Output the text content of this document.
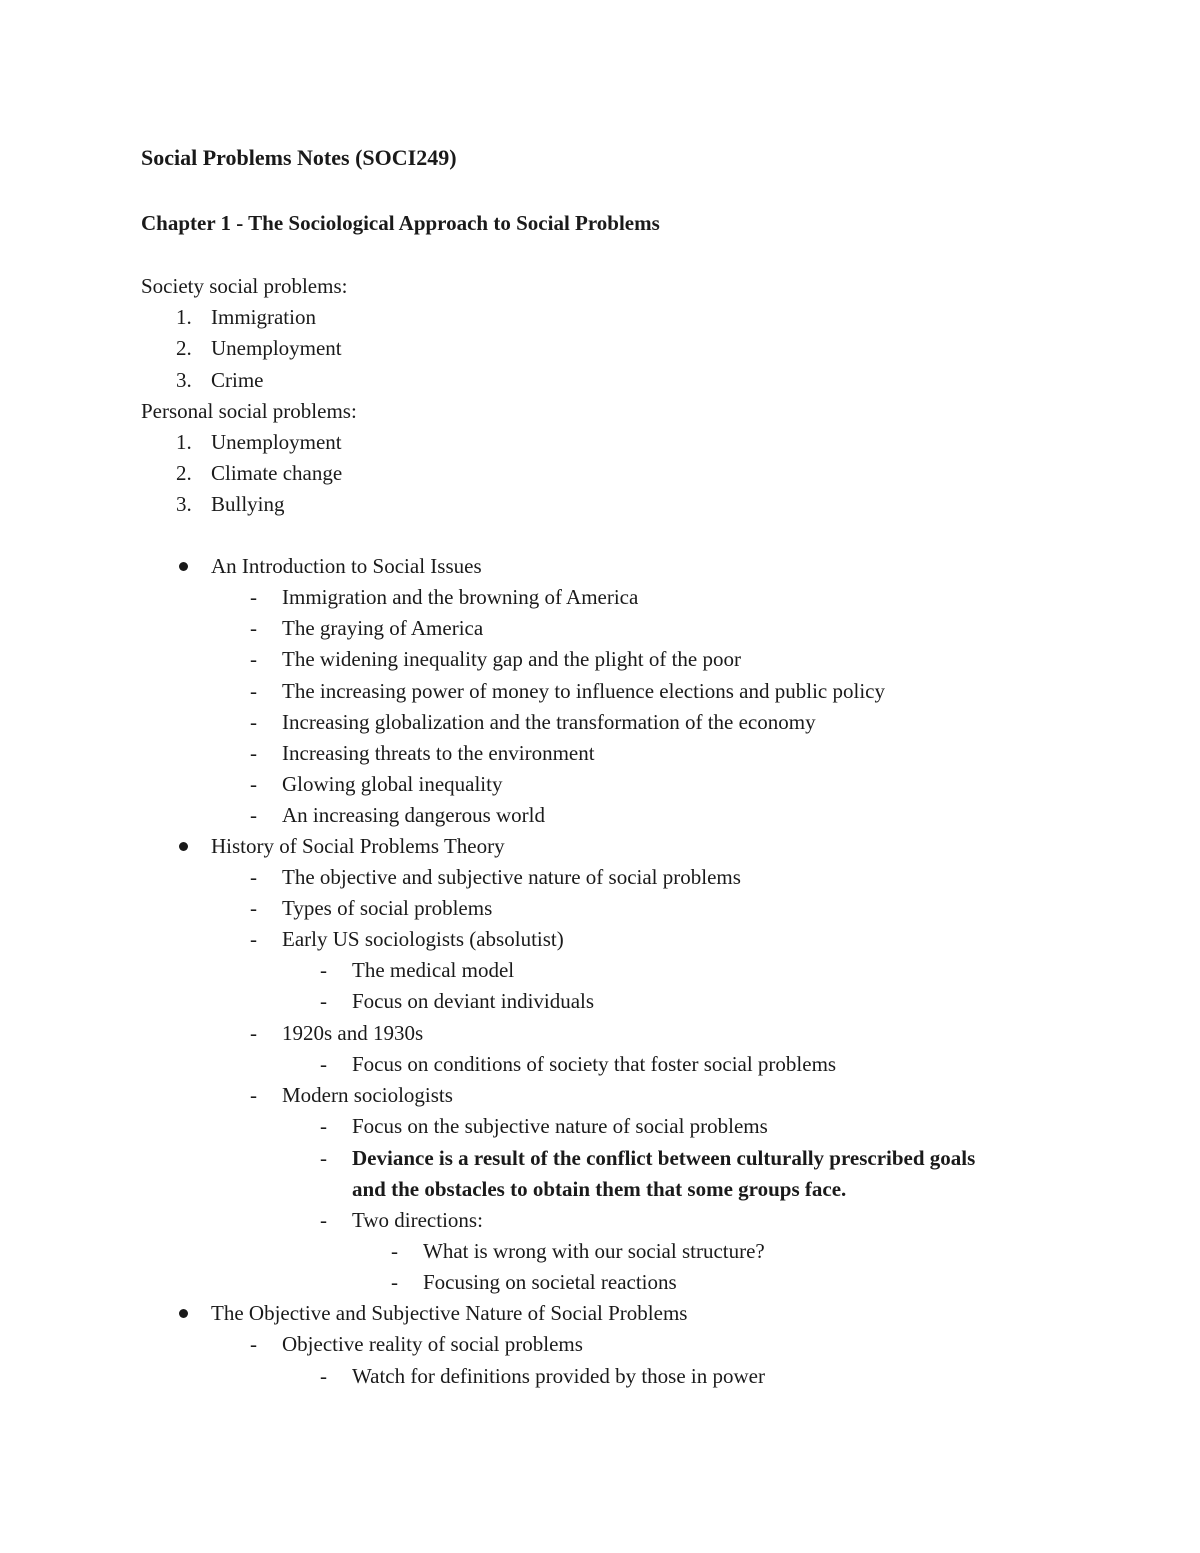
Social Problems Notes (SOCI249)
Chapter 1 - The Sociological Approach to Social Problems
Society social problems:
1. Immigration
2. Unemployment
3. Crime
Personal social problems:
1. Unemployment
2. Climate change
3. Bullying
An Introduction to Social Issues
- Immigration and the browning of America
- The graying of America
- The widening inequality gap and the plight of the poor
- The increasing power of money to influence elections and public policy
- Increasing globalization and the transformation of the economy
- Increasing threats to the environment
- Glowing global inequality
- An increasing dangerous world
History of Social Problems Theory
- The objective and subjective nature of social problems
- Types of social problems
- Early US sociologists (absolutist)
- The medical model
- Focus on deviant individuals
- 1920s and 1930s
- Focus on conditions of society that foster social problems
- Modern sociologists
- Focus on the subjective nature of social problems
- Deviance is a result of the conflict between culturally prescribed goals
and the obstacles to obtain them that some groups face.
- Two directions:
- What is wrong with our social structure?
- Focusing on societal reactions
The Objective and Subjective Nature of Social Problems
- Objective reality of social problems
- Watch for definitions provided by those in power
